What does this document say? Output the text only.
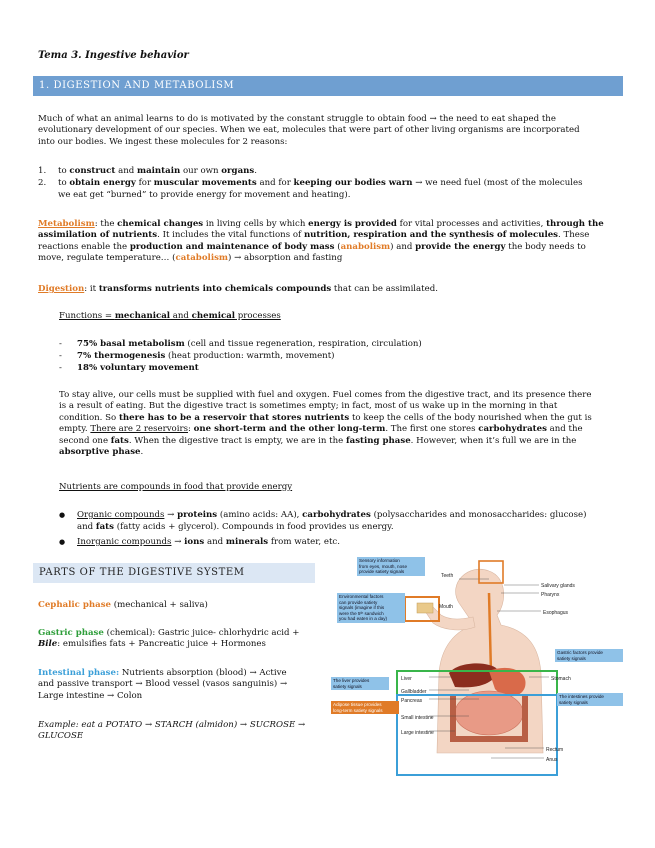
Tema 3. Ingestive behavior
1. DIGESTION AND METABOLISM

Much of what an animal learns to do is motivated by the constant struggle to obtain food → the need to eat shaped the

evolutionary development of our species. When we eat, molecules that were part of other living organisms are incorporated

into our bodies. We ingest these molecules for 2 reasons:

1. to construct and maintain our own organs.
2. to obtain energy for muscular movements and for keeping our bodies warn → we need fuel (most of the molecules
we eat get “burned” to provide energy for movement and heating).

Metabolism: the chemical changes in living cells by which energy is provided for vital processes and activities, through the

assimilation of nutrients. It includes the vital functions of nutrition, respiration and the synthesis of molecules. These

reactions enable the production and maintenance of body mass (anabolism) and provide the energy the body needs to

move, regulate temperature… (catabolism) → absorption and fasting

Digestion: it transforms nutrients into chemicals compounds that can be assimilated.

Functions = mechanical and chemical processes

- 75% basal metabolism (cell and tissue regeneration, respiration, circulation)
- 7% thermogenesis (heat production: warmth, movement)
- 18% voluntary movement

To stay alive, our cells must be supplied with fuel and oxygen. Fuel comes from the digestive tract, and its presence there

is a result of eating. But the digestive tract is sometimes empty; in fact, most of us wake up in the morning in that

condition. So there has to be a reservoir that stores nutrients to keep the cells of the body nourished when the gut is

empty. There are 2 reservoirs: one short-term and the other long-term. The first one stores carbohydrates and the

second one fats. When the digestive tract is empty, we are in the fasting phase. However, when it’s full we are in the

absorptive phase.

Nutrients are compounds in food that provide energy
● Organic compounds → proteins (amino acids: AA), carbohydrates (polysaccharides and monosaccharides: glucose)
and fats (fatty acids + glycerol). Compounds in food provides us energy.
● Inorganic compounds → ions and minerals from water, etc.
PARTS OF THE DIGESTIVE SYSTEM

Cephalic phase (mechanical + saliva)

Gastric phase (chemical): Gastric juice- chlorhydric acid +

Bile: emulsifies fats + Pancreatic juice + Hormones

Intestinal phase: Nutrients absorption (blood) → Active

and passive transport → Blood vessel (vasos sanguinis) →

Large intestine → Colon

Example: eat a POTATO → STARCH (almidon) → SUCROSE →

GLUCOSE

Sensory information
from eyes, mouth, nose
provide satiety signals
Environmental factors
can provide satiety
signals (imagine if this
were the 5ᵗʰ sandwich
you had eaten in a day)
Gastric factors provide
satiety signals
The liver provides
satiety signals
The intestines provide
satiety signals
Adipose tissue provides
long-term satiety signals
Teeth
Salivary glands
Pharynx
Mouth
Esophagus
Stomach
Liver
Gallbladder
Pancreas
Small intestine
Large intestine
Rectum
Anus
